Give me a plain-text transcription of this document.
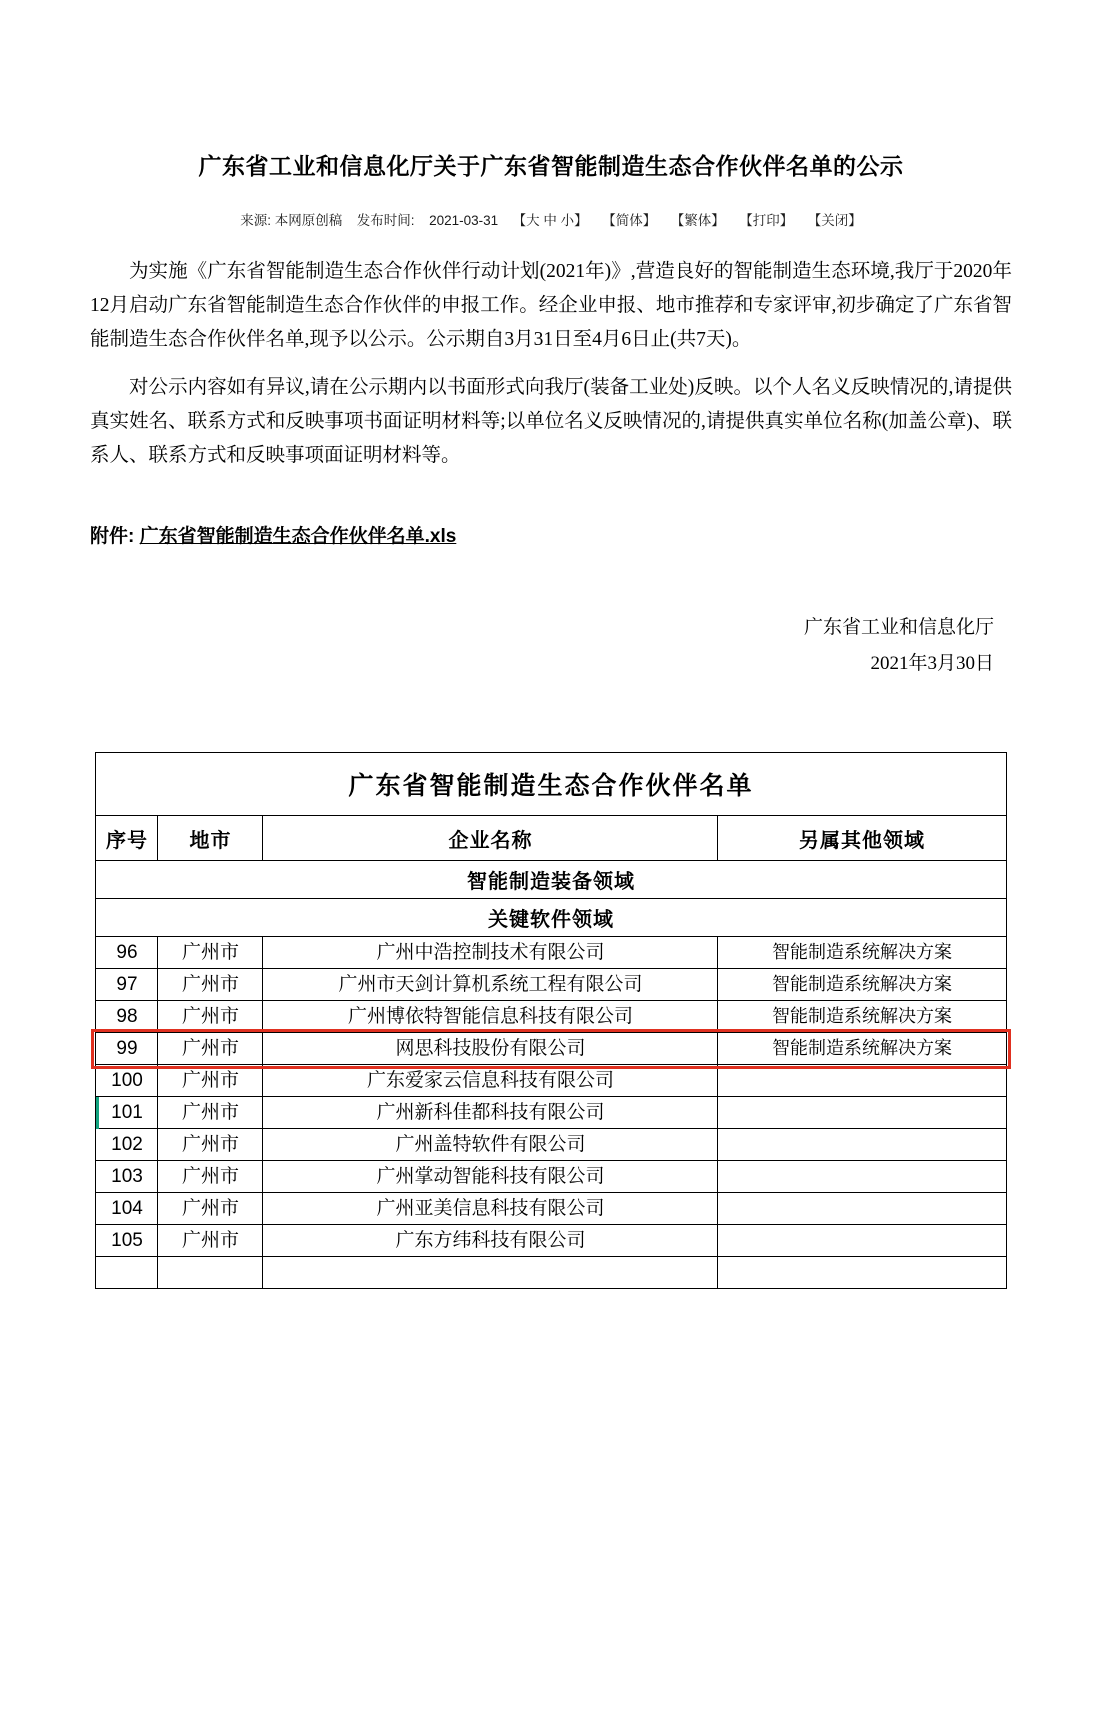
广东省工业和信息化厅关于广东省智能制造生态合作伙伴名单的公示
来源: 本网原创稿 发布时间: 2021-03-31 【大 中 小】 【简体】 【繁体】 【打印】 【关闭】

为实施《广东省智能制造生态合作伙伴行动计划(2021年)》,营造良好的智能制造生态环境,我厅于2020年12月启动广东省智能制造生态合作伙伴的申报工作。经企业申报、地市推荐和专家评审,初步确定了广东省智能制造生态合作伙伴名单,现予以公示。公示期自3月31日至4月6日止(共7天)。

对公示内容如有异议,请在公示期内以书面形式向我厅(装备工业处)反映。以个人名义反映情况的,请提供真实姓名、联系方式和反映事项书面证明材料等;以单位名义反映情况的,请提供真实单位名称(加盖公章)、联系人、联系方式和反映事项面证明材料等。

附件: 广东省智能制造生态合作伙伴名单.xls
广东省工业和信息化厅
2021年3月30日
广东省智能制造生态合作伙伴名单			
序号	地市	企业名称	另属其他领域
智能制造装备领域			
关键软件领域			
96	广州市	广州中浩控制技术有限公司	智能制造系统解决方案
97	广州市	广州市天剑计算机系统工程有限公司	智能制造系统解决方案
98	广州市	广州博依特智能信息科技有限公司	智能制造系统解决方案
99	广州市	网思科技股份有限公司	智能制造系统解决方案
100	广州市	广东爱家云信息科技有限公司	
101	广州市	广州新科佳都科技有限公司	
102	广州市	广州盖特软件有限公司	
103	广州市	广州掌动智能科技有限公司	
104	广州市	广州亚美信息科技有限公司	
105	广州市	广东方纬科技有限公司	
